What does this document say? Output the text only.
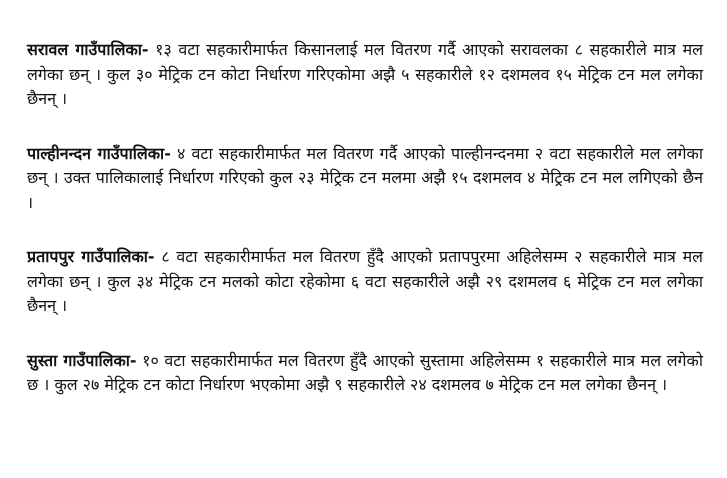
सरावल गाउँपालिका- १३ वटा सहकारीमार्फत किसानलाई मल वितरण गर्दै आएको सरावलका ८ सहकारीले मात्र मल लगेका छन् । कुल ३० मेट्रिक टन कोटा निर्धारण गरिएकोमा अझै ५ सहकारीले १२ दशमलव १५ मेट्रिक टन मल लगेका छैनन् ।

पाल्हीनन्दन गाउँपालिका- ४ वटा सहकारीमार्फत मल वितरण गर्दै आएको पाल्हीनन्दनमा २ वटा सहकारीले मल लगेका छन् । उक्त पालिकालाई निर्धारण गरिएको कुल २३ मेट्रिक टन मलमा अझै १५ दशमलव ४ मेट्रिक टन मल लगिएको छैन ।

प्रतापपुर गाउँपालिका- ८ वटा सहकारीमार्फत मल वितरण हुँदै आएको प्रतापपुरमा अहिलेसम्म २ सहकारीले मात्र मल लगेका छन् । कुल ३४ मेट्रिक टन मलको कोटा रहेकोमा ६ वटा सहकारीले अझै २९ दशमलव ६ मेट्रिक टन मल लगेका छैनन् ।

सुस्ता गाउँपालिका- १० वटा सहकारीमार्फत मल वितरण हुँदै आएको सुस्तामा अहिलेसम्म १ सहकारीले मात्र मल लगेको छ । कुल २७ मेट्रिक टन कोटा निर्धारण भएकोमा अझै ९ सहकारीले २४ दशमलव ७ मेट्रिक टन मल लगेका छैनन् ।
